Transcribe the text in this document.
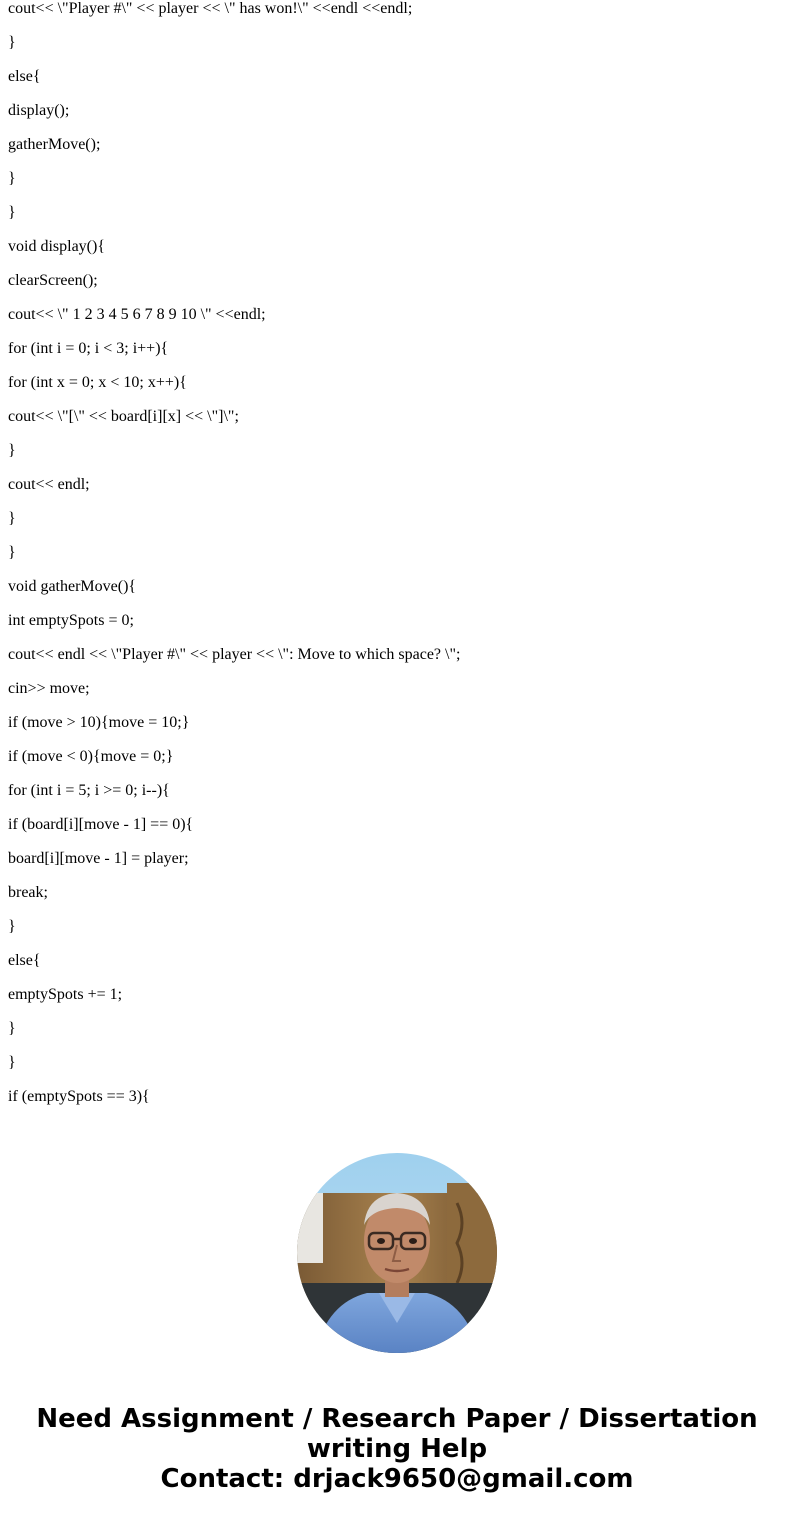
cout<< \"Player #\" << player << \" has won!\" <<endl <<endl;
}
else{
display();
gatherMove();
}
}
void display(){
clearScreen();
cout<< \" 1 2 3 4 5 6 7 8 9 10 \" <<endl;
for (int i = 0; i < 3; i++){
for (int x = 0; x < 10; x++){
cout<< \"[\" << board[i][x] << \"]\";
}
cout<< endl;
}
}
void gatherMove(){
int emptySpots = 0;
cout<< endl << \"Player #\" << player << \": Move to which space? \";
cin>> move;
if (move > 10){move = 10;}
if (move < 0){move = 0;}
for (int i = 5; i >= 0; i--){
if (board[i][move - 1] == 0){
board[i][move - 1] = player;
break;
}
else{
emptySpots += 1;
}
}
if (emptySpots == 3){
Need Assignment / Research Paper / Dissertation
writing Help
Contact: drjack9650@gmail.com
